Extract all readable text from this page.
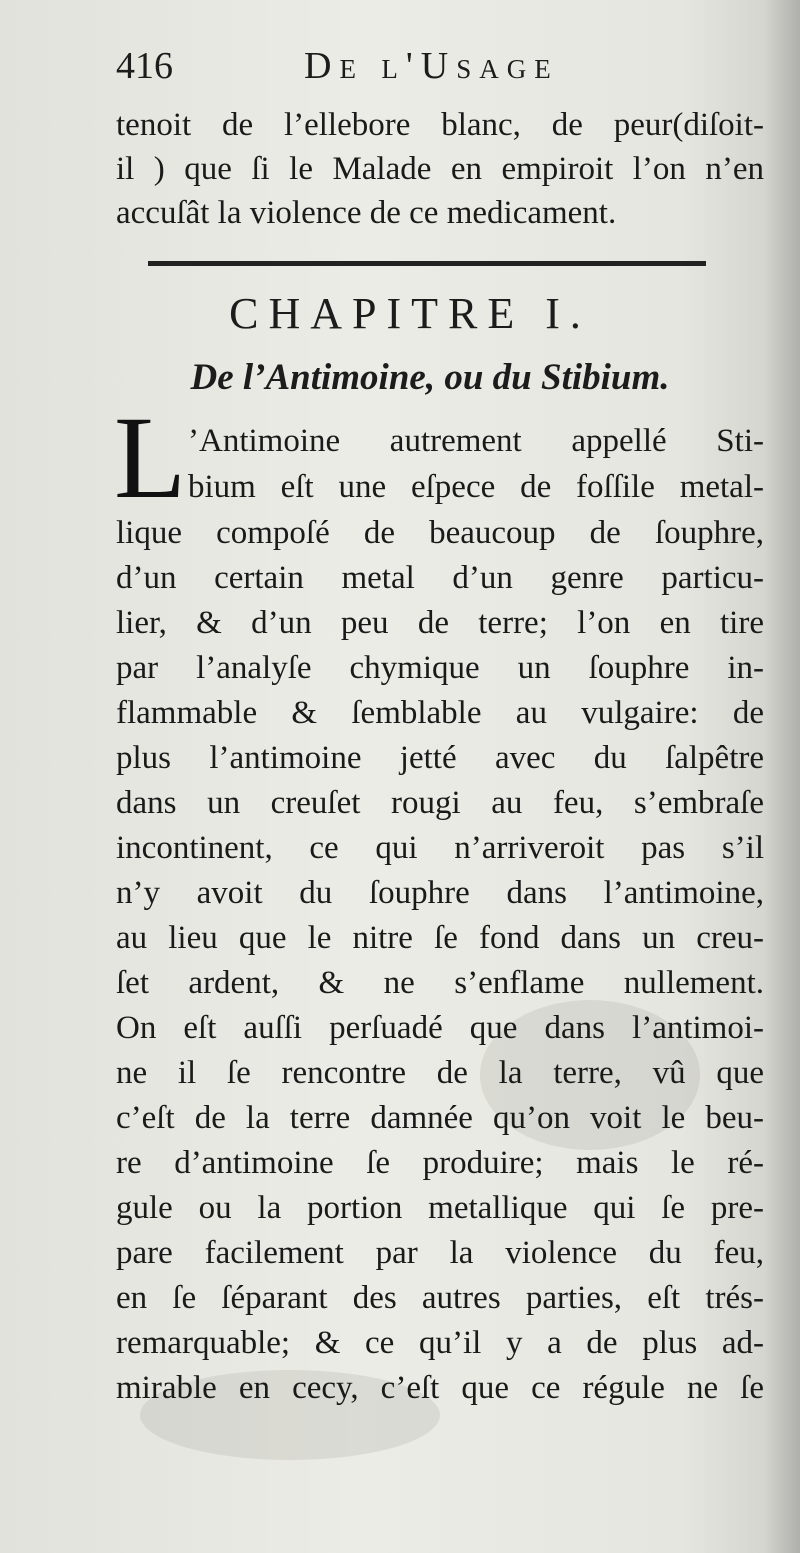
416	De l'Usage
tenoit de l’ellebore blanc, de peur(diſoit-
il ) que ſi le Malade en empiroit l’on n’en
accuſât la violence de ce medicament.
CHAPITRE I.
De l’Antimoine, ou du Stibium.
L ’Antimoine autrement appellé Sti-
bium eſt une eſpece de foſſile metal-
lique compoſé de beaucoup de ſouphre,
d’un certain metal d’un genre particu-
lier, & d’un peu de terre; l’on en tire
par l’analyſe chymique un ſouphre in-
flammable & ſemblable au vulgaire: de
plus l’antimoine jetté avec du ſalpêtre
dans un creuſet rougi au feu, s’embraſe
incontinent, ce qui n’arriveroit pas s’il
n’y avoit du ſouphre dans l’antimoine,
au lieu que le nitre ſe fond dans un creu-
ſet ardent, & ne s’enflame nullement.
On eſt auſſi perſuadé que dans l’antimoi-
ne il ſe rencontre de la terre, vû que
c’eſt de la terre damnée qu’on voit le beu-
re d’antimoine ſe produire; mais le ré-
gule ou la portion metallique qui ſe pre-
pare facilement par la violence du feu,
en ſe ſéparant des autres parties, eſt trés-
remarquable; & ce qu’il y a de plus ad-
mirable en cecy, c’eſt que ce régule ne ſe
